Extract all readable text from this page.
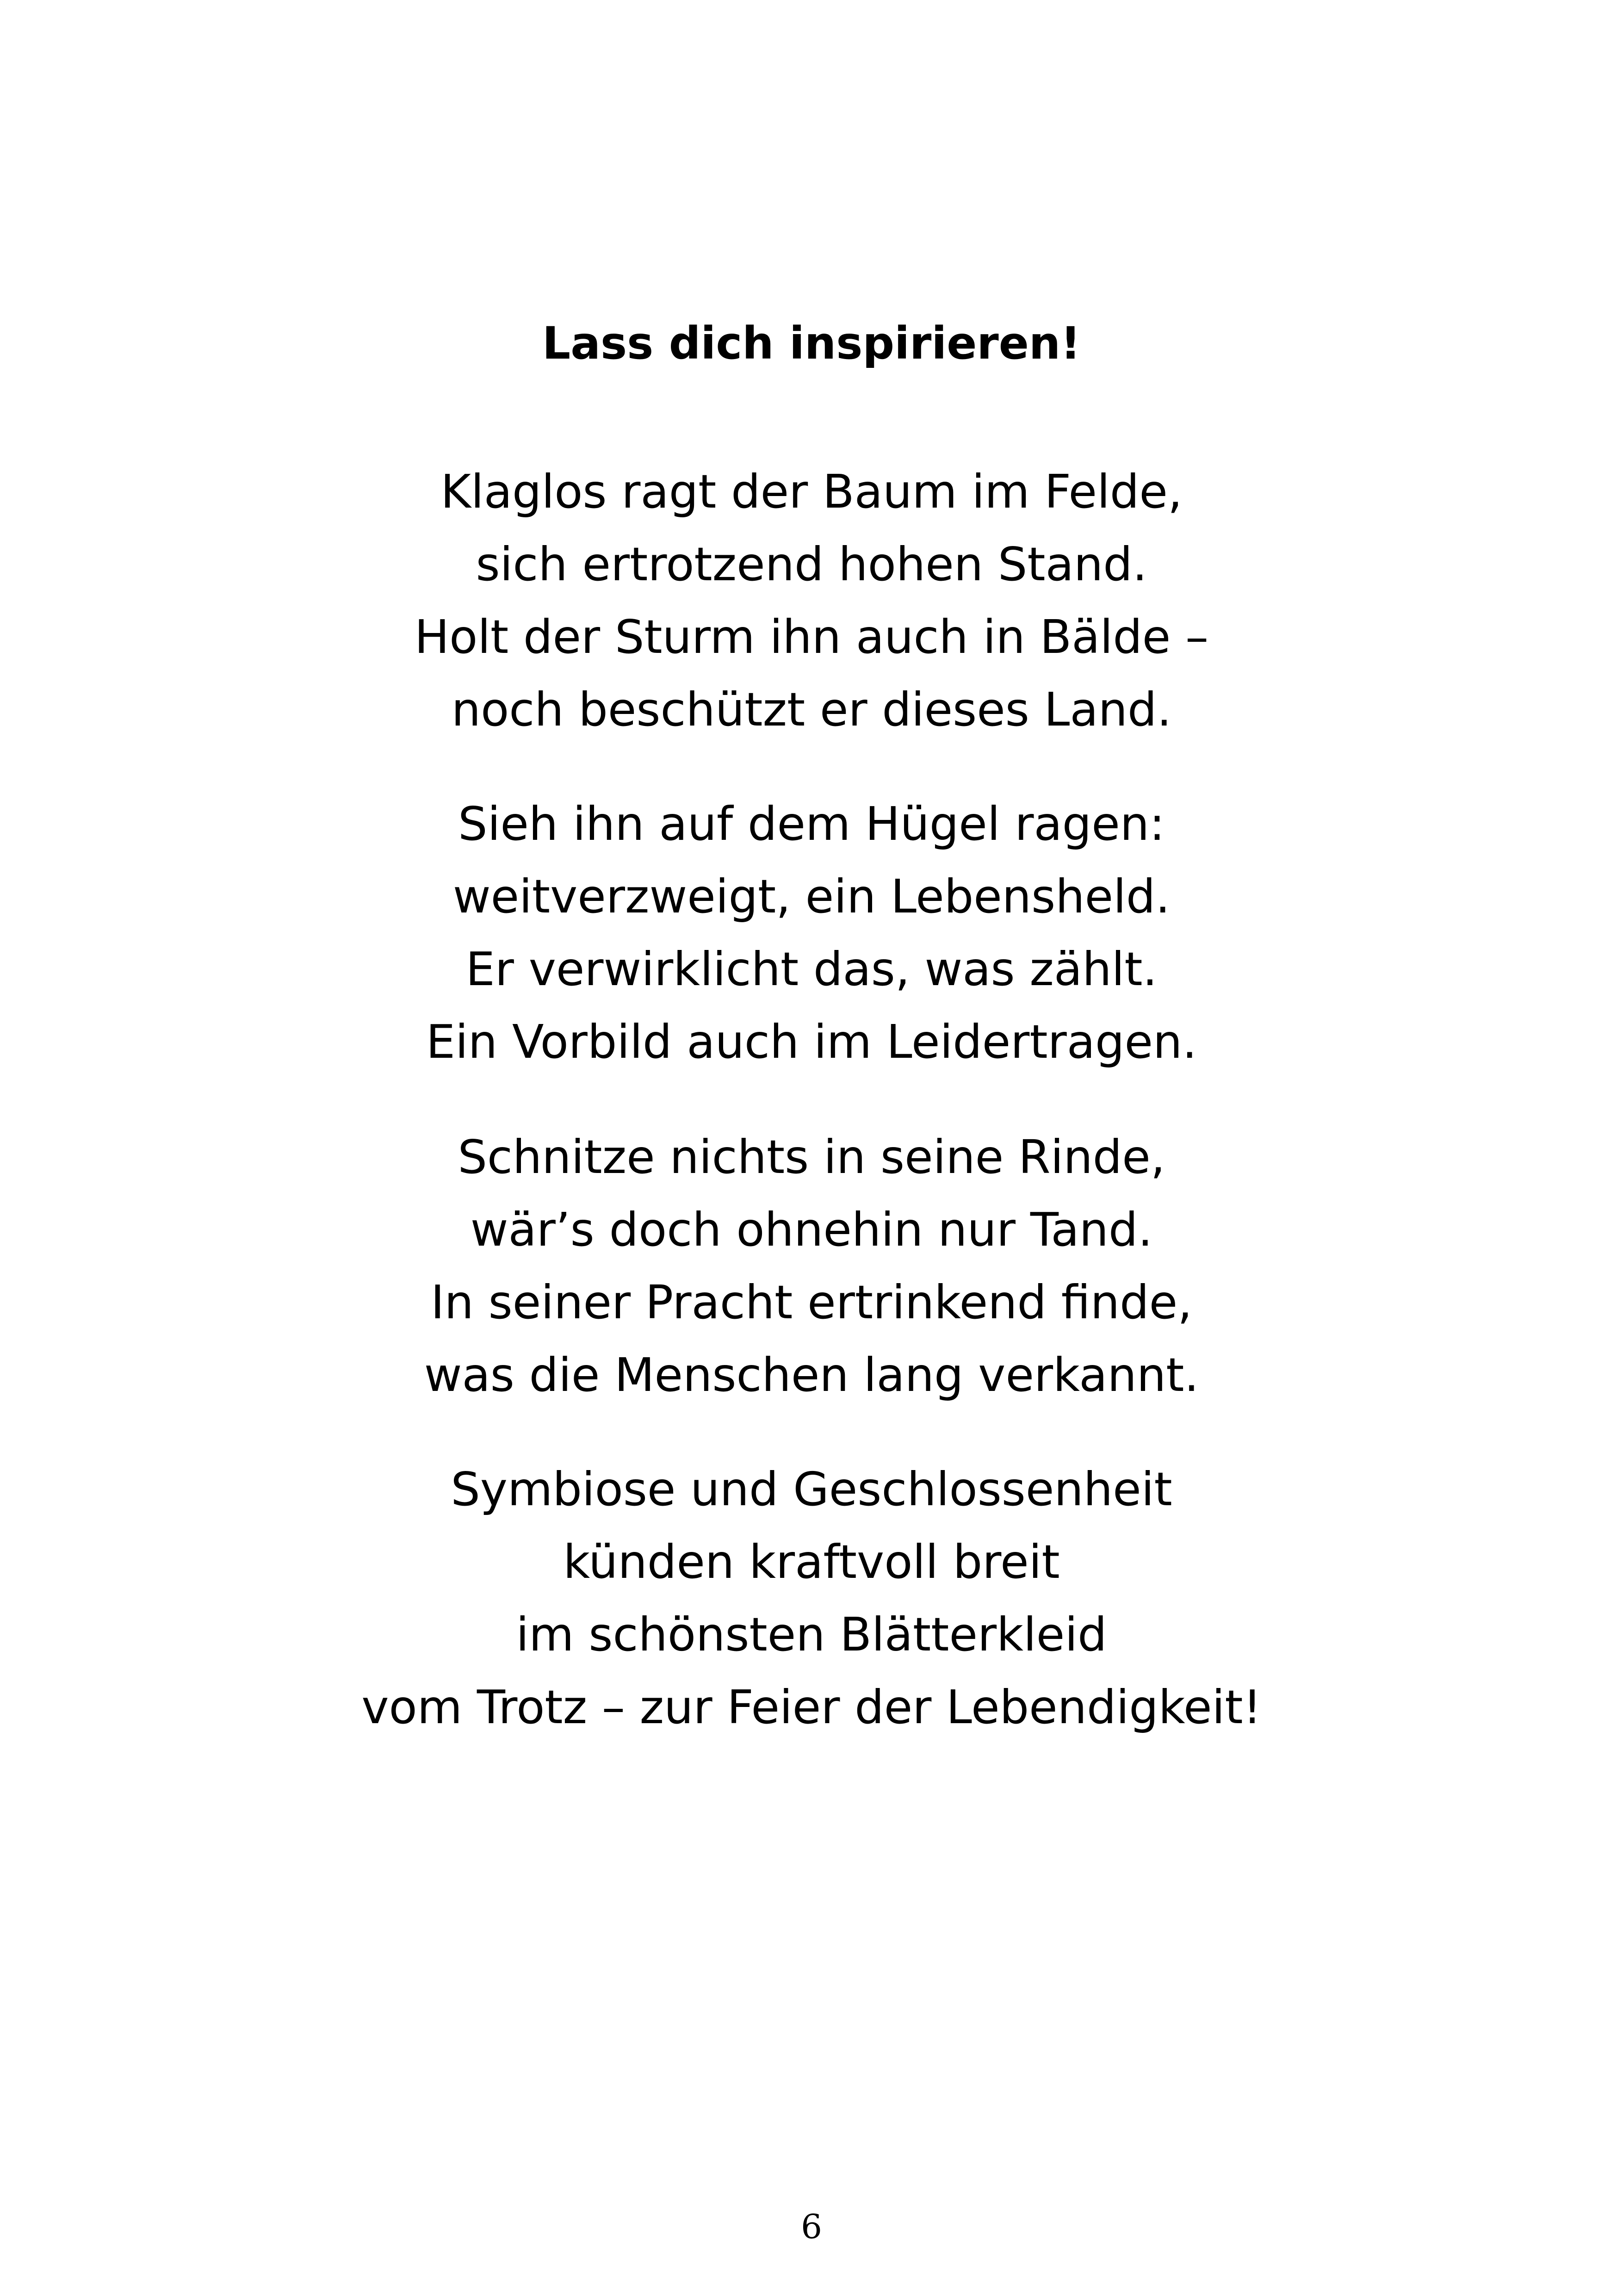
Lass dich inspirieren!
Klaglos ragt der Baum im Felde,
sich ertrotzend hohen Stand.
Holt der Sturm ihn auch in Bälde –
noch beschützt er dieses Land.
Sieh ihn auf dem Hügel ragen:
weitverzweigt, ein Lebensheld.
Er verwirklicht das, was zählt.
Ein Vorbild auch im Leidertragen.
Schnitze nichts in seine Rinde,
wär’s doch ohnehin nur Tand.
In seiner Pracht ertrinkend finde,
was die Menschen lang verkannt.
Symbiose und Geschlossenheit
künden kraftvoll breit
im schönsten Blätterkleid
vom Trotz – zur Feier der Lebendigkeit!
6
